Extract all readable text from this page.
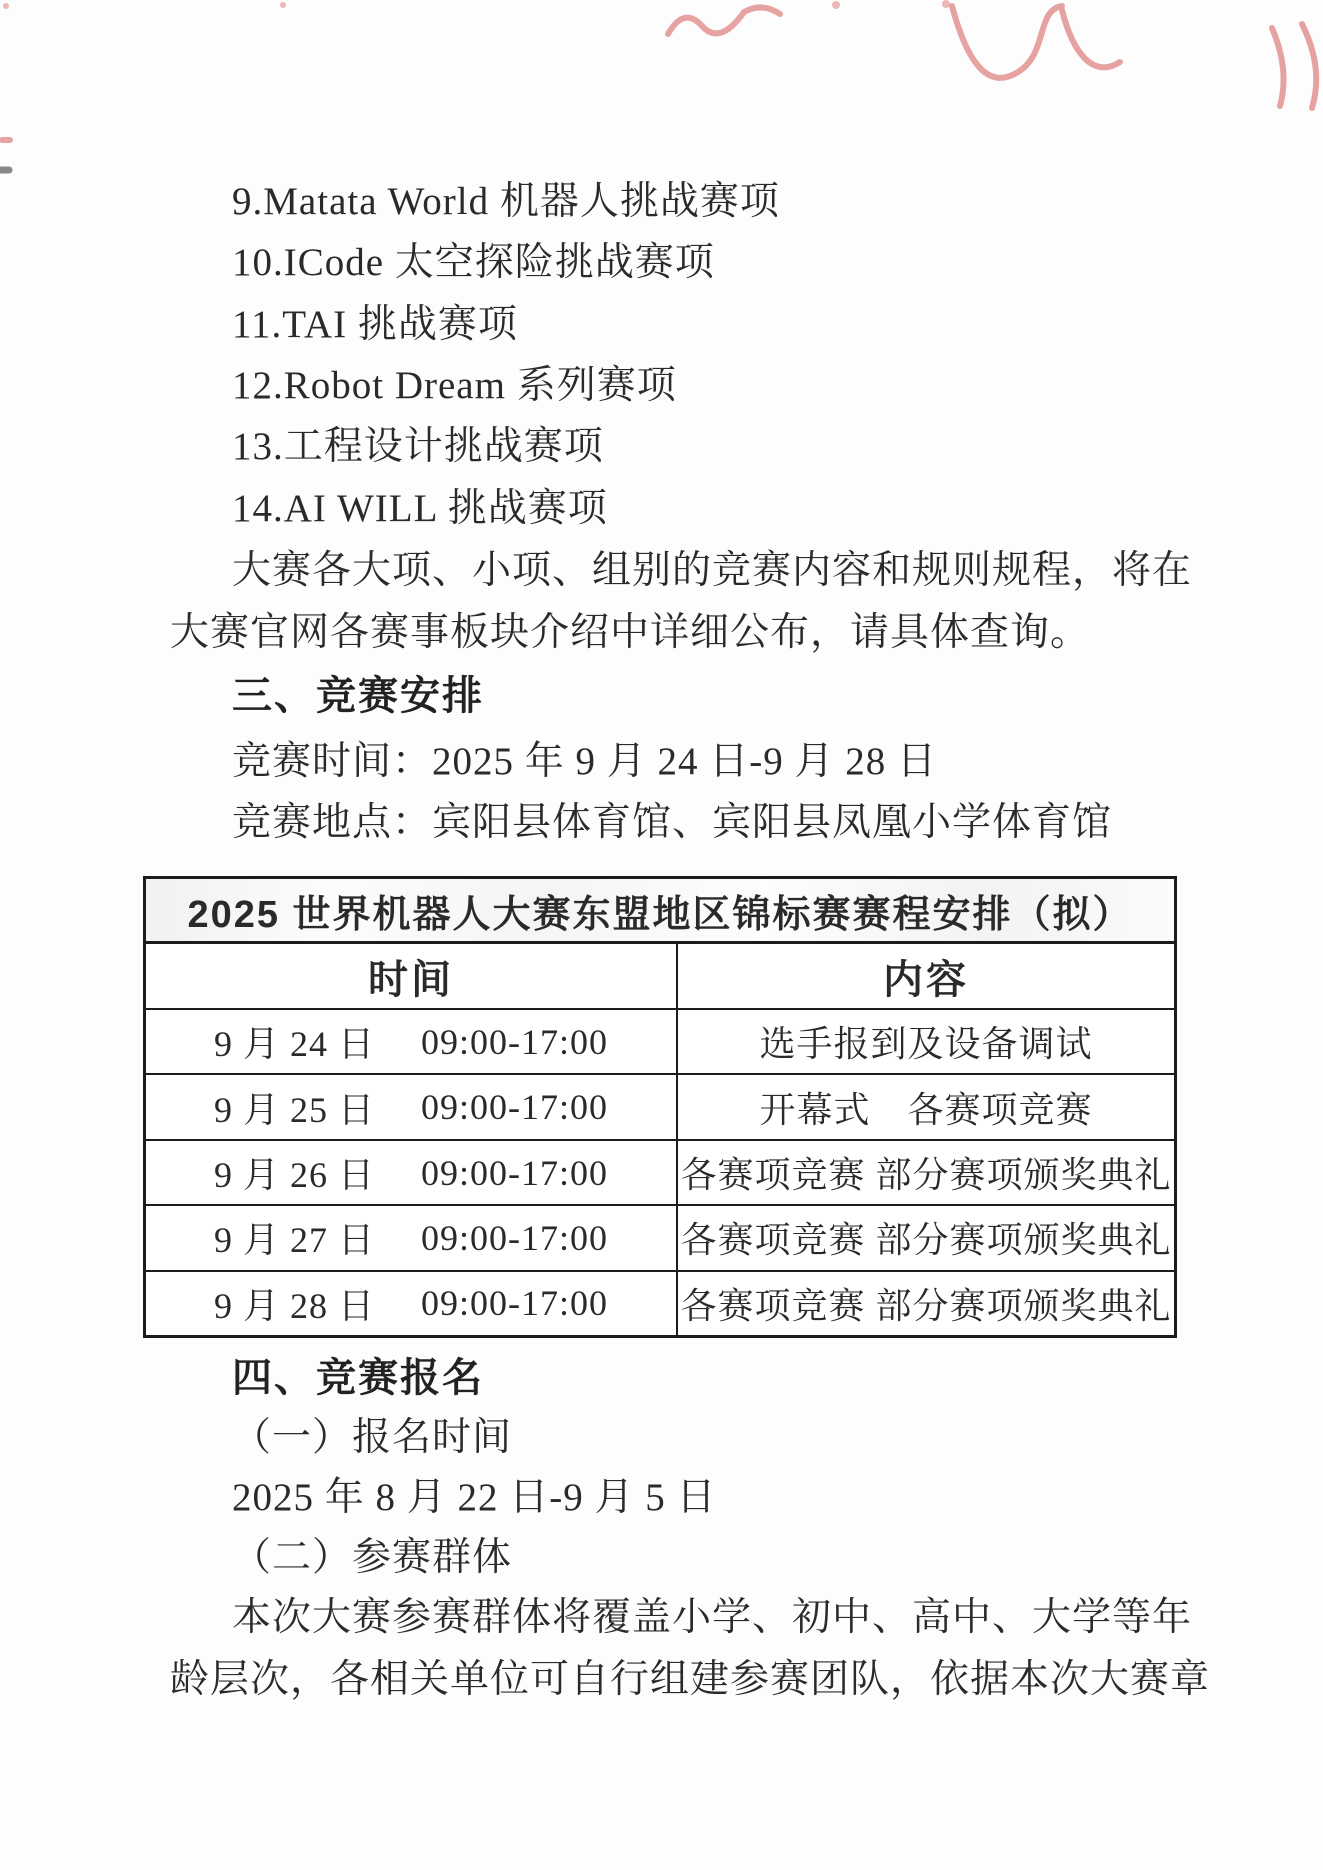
9.Matata World 机器人挑战赛项
10.ICode 太空探险挑战赛项
11.TAI 挑战赛项
12.Robot Dream 系列赛项
13.工程设计挑战赛项
14.AI WILL 挑战赛项
大赛各大项、小项、组别的竞赛内容和规则规程，将在
大赛官网各赛事板块介绍中详细公布，请具体查询。
三、竞赛安排
竞赛时间：2025 年 9 月 24 日-9 月 28 日
竞赛地点：宾阳县体育馆、宾阳县凤凰小学体育馆
2025 世界机器人大赛东盟地区锦标赛赛程安排（拟）
时间	内容
9 月 24 日 09:00-17:00	选手报到及设备调试
9 月 25 日 09:00-17:00	开幕式　各赛项竞赛
9 月 26 日 09:00-17:00 各赛项竞赛 部分赛项颁奖典礼
9 月 27 日 09:00-17:00 各赛项竞赛 部分赛项颁奖典礼
9 月 28 日 09:00-17:00 各赛项竞赛 部分赛项颁奖典礼
四、竞赛报名
（一）报名时间
2025 年 8 月 22 日-9 月 5 日
（二）参赛群体
本次大赛参赛群体将覆盖小学、初中、高中、大学等年
龄层次，各相关单位可自行组建参赛团队，依据本次大赛章
